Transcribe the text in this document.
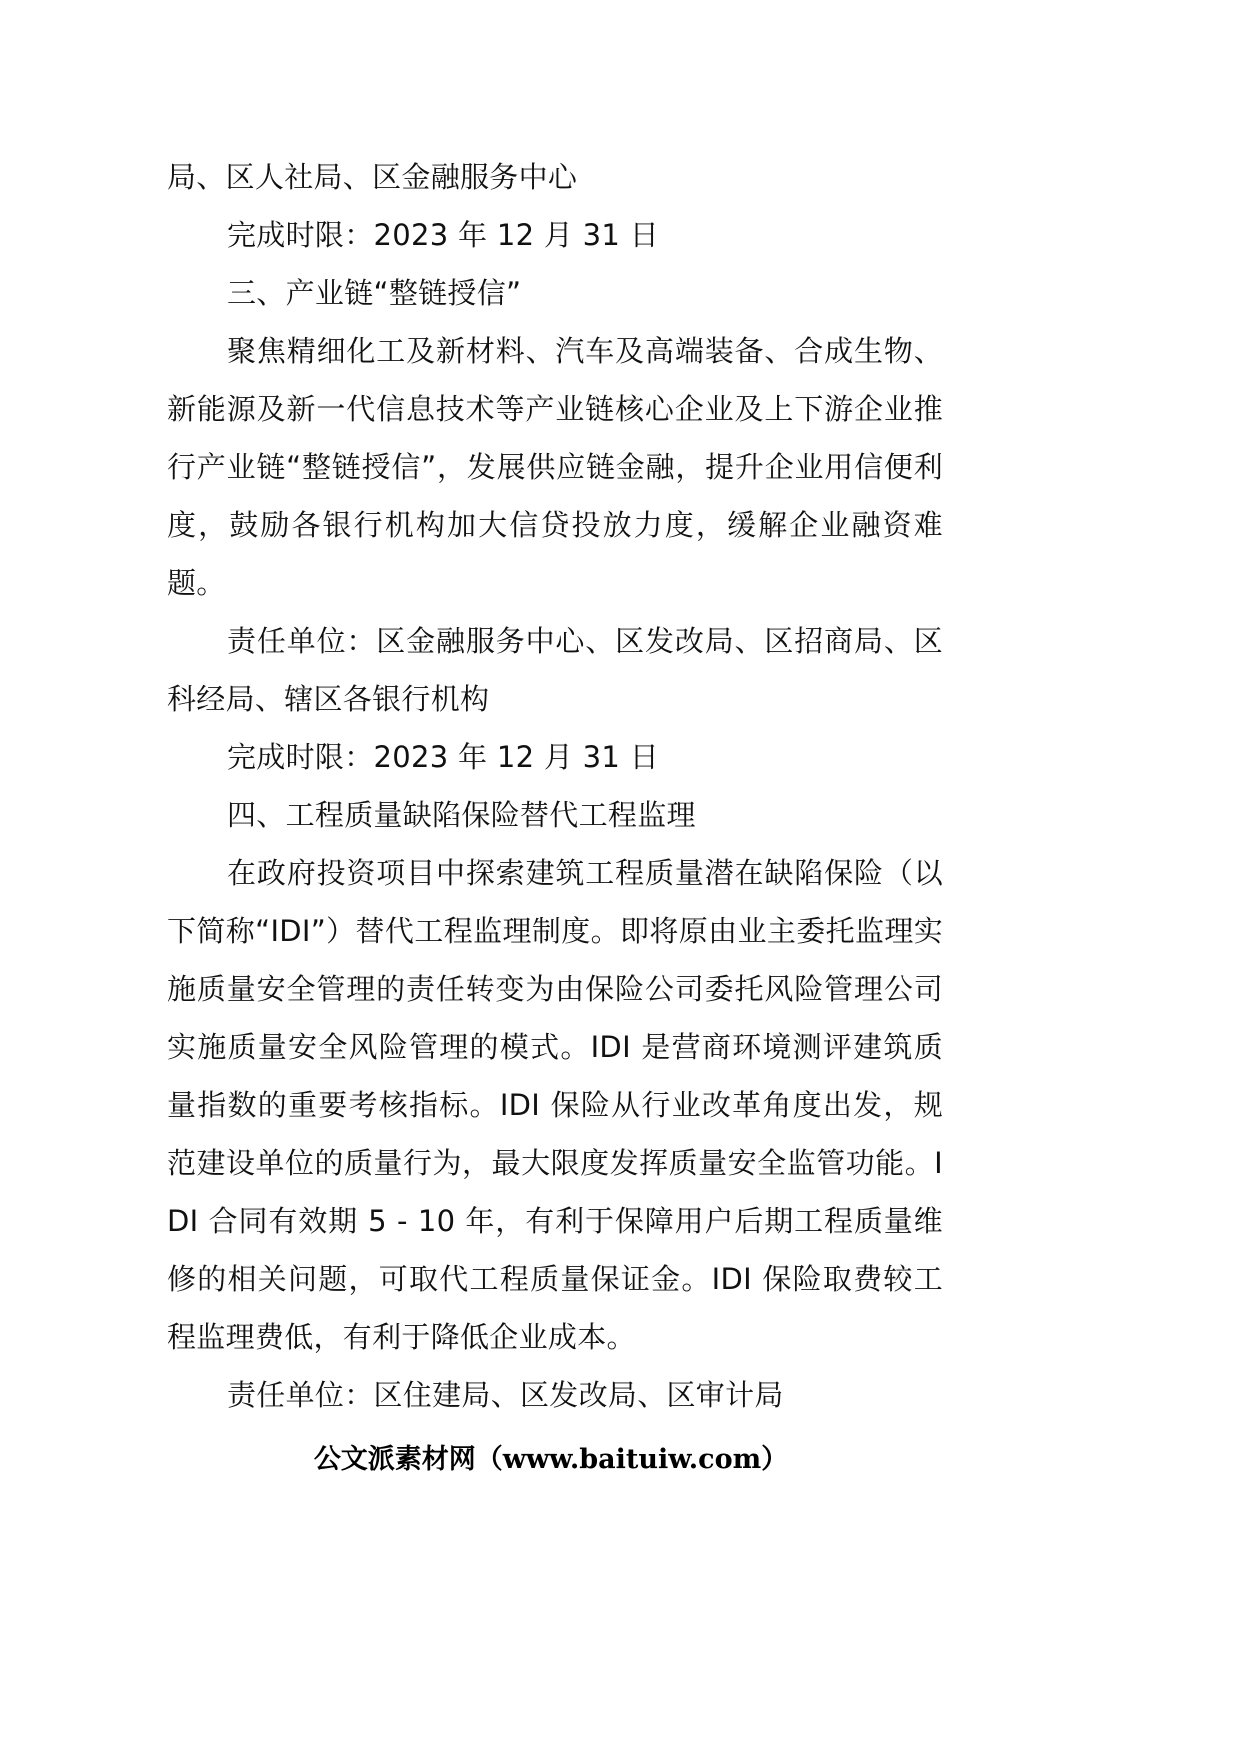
局、区人社局、区金融服务中心

完成时限：2023 年 12 月 31 日

三、产业链“整链授信”

聚焦精细化工及新材料、汽车及高端装备、合成生物、新能源及新一代信息技术等产业链核心企业及上下游企业推行产业链“整链授信”，发展供应链金融，提升企业用信便利度，鼓励各银行机构加大信贷投放力度，缓解企业融资难题。

责任单位：区金融服务中心、区发改局、区招商局、区科经局、辖区各银行机构

完成时限：2023 年 12 月 31 日

四、工程质量缺陷保险替代工程监理

在政府投资项目中探索建筑工程质量潜在缺陷保险（以下简称“IDI”）替代工程监理制度。即将原由业主委托监理实施质量安全管理的责任转变为由保险公司委托风险管理公司实施质量安全风险管理的模式。IDI 是营商环境测评建筑质量指数的重要考核指标。IDI 保险从行业改革角度出发，规范建设单位的质量行为，最大限度发挥质量安全监管功能。IDI 合同有效期 5 - 10 年，有利于保障用户后期工程质量维修的相关问题，可取代工程质量保证金。IDI 保险取费较工程监理费低，有利于降低企业成本。

责任单位：区住建局、区发改局、区审计局

公文派素材网（www.baituiw.com）
